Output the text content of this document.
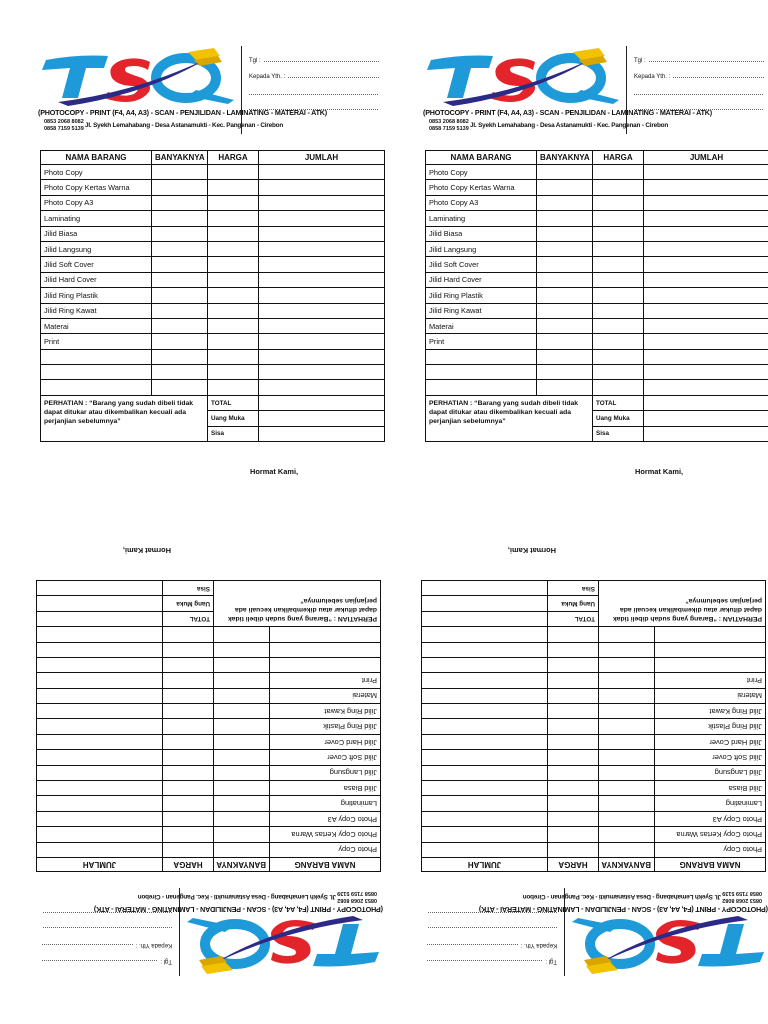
(PHOTOCOPY - PRINT (F4, A4, A3) - SCAN - PENJILIDAN - LAMINATING - MATERAI - ATK)
0853 2068 8082
0858 7159 5139 Jl. Syekh Lemahabang - Desa Astanamukti - Kec. Pangenan - Cirebon
Tgl :
Kepada Yth. :
NAMA BARANG	BANYAKNYA	HARGA	JUMLAH
Photo Copy			
Photo Copy Kertas Warna			
Photo Copy A3			
Laminating			
Jilid Biasa			
Jilid Langsung			
Jilid Soft Cover			
Jilid Hard Cover			
Jilid Ring Plastik			
Jilid Ring Kawat			
Materai			
Print			

PERHATIAN : “Barang yang sudah dibeli tidak dapat ditukar atau dikembalikan kecuali ada perjanjian sebelumnya”		TOTAL	
		Uang Muka	
		Sisa	
Hormat Kami,
(PHOTOCOPY - PRINT (F4, A4, A3) - SCAN - PENJILIDAN - LAMINATING - MATERAI - ATK)
0853 2068 8082
0858 7159 5139 Jl. Syekh Lemahabang - Desa Astanamukti - Kec. Pangenan - Cirebon
Tgl :
Kepada Yth. :
NAMA BARANG	BANYAKNYA	HARGA	JUMLAH
Photo Copy			
Photo Copy Kertas Warna			
Photo Copy A3			
Laminating			
Jilid Biasa			
Jilid Langsung			
Jilid Soft Cover			
Jilid Hard Cover			
Jilid Ring Plastik			
Jilid Ring Kawat			
Materai			
Print			

PERHATIAN : “Barang yang sudah dibeli tidak dapat ditukar atau dikembalikan kecuali ada perjanjian sebelumnya”		TOTAL	
		Uang Muka	
		Sisa	
Hormat Kami,
(PHOTOCOPY - PRINT (F4, A4, A3) - SCAN - PENJILIDAN - LAMINATING - MATERAI - ATK)
0853 2068 8082
0858 7159 5139
Jl. Syekh Lemahabang - Desa Astanamukti - Kec. Pangenan - Cirebon
Tgl :
Kepada Yth. :
NAMA BARANG	BANYAKNYA	HARGA	JUMLAH
Photo Copy			
Photo Copy Kertas Warna			
Photo Copy A3			
Laminating			
Jilid Biasa			
Jilid Langsung			
Jilid Soft Cover			
Jilid Hard Cover			
Jilid Ring Plastik			
Jilid Ring Kawat			
Materai			
Print			

PERHATIAN : “Barang yang sudah dibeli tidak dapat ditukar atau dikembalikan kecuali ada perjanjian sebelumnya”		TOTAL	
		Uang Muka	
		Sisa	
Hormat Kami,
(PHOTOCOPY - PRINT (F4, A4, A3) - SCAN - PENJILIDAN - LAMINATING - MATERAI - ATK)
0853 2068 8082
0858 7159 5139
Jl. Syekh Lemahabang - Desa Astanamukti - Kec. Pangenan - Cirebon
Tgl :
Kepada Yth. :
NAMA BARANG	BANYAKNYA	HARGA	JUMLAH
Photo Copy			
Photo Copy Kertas Warna			
Photo Copy A3			
Laminating			
Jilid Biasa			
Jilid Langsung			
Jilid Soft Cover			
Jilid Hard Cover			
Jilid Ring Plastik			
Jilid Ring Kawat			
Materai			
Print			

PERHATIAN : “Barang yang sudah dibeli tidak dapat ditukar atau dikembalikan kecuali ada perjanjian sebelumnya”		TOTAL	
		Uang Muka	
		Sisa	
Hormat Kami,
